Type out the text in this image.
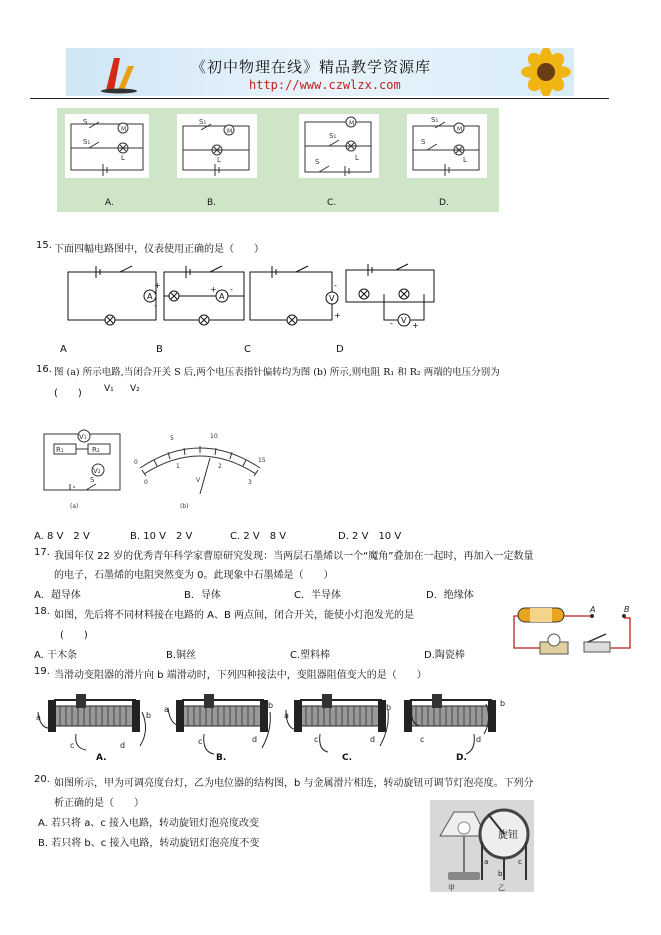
《初中物理在线》精品教学资源库
http://www.czwlzx.com
M
S
S₁
L
M
S₁
L
M
S₁
S	L
M
S₁
S
L
A.	B.	C.	D.
15. 下面四幅电路图中，仪表使用正确的是（　　）
A	A	V
V
+
-
+ -
+
-
- +
A	B	C	D
16. 图 (a) 所示电路,当闭合开关 S 后,两个电压表指针偏转均为图 (b) 所示,则电阻 R₁ 和 R₂ 两端的电压分别为
(　　) V₁ V₂
R₁	R₂
V₁
V₂
S
(a)
0
5	10
15
0
1	2
3
V
(b)
A. 8 V　2 V	B. 10 V　2 V	C. 2 V　8 V	D. 2 V　10 V
17. 我国年仅 22 岁的优秀青年科学家曹原研究发现：当两层石墨烯以一个“魔角”叠加在一起时，再加入一定数量
的电子，石墨烯的电阻突然变为 0。此现象中石墨烯是（　　）
A．超导体	B．导体	C．半导体	D．绝缘体
18. 如图，先后将不同材料接在电路的 A、B 两点间，闭合开关，能使小灯泡发光的是
(　　)
A. 干木条	B.铜丝	C.塑料棒	D.陶瓷棒
A	B
19. 当滑动变阻器的滑片向 b 端滑动时，下列四种接法中，变阻器阻值变大的是（　　）
a	b
c	d
a	b
c	d
a
b
c	d
a	b
c	d
A.	B.	C.	D.
20. 如图所示，甲为可调亮度台灯，乙为电位器的结构图，b 与金属滑片相连，转动旋钮可调节灯泡亮度。下列分
析正确的是（　　）
A. 若只将 a、c 接入电路，转动旋钮灯泡亮度改变
B. 若只将 b、c 接入电路，转动旋钮灯泡亮度不变
旋钮
a
b
c
甲	乙
